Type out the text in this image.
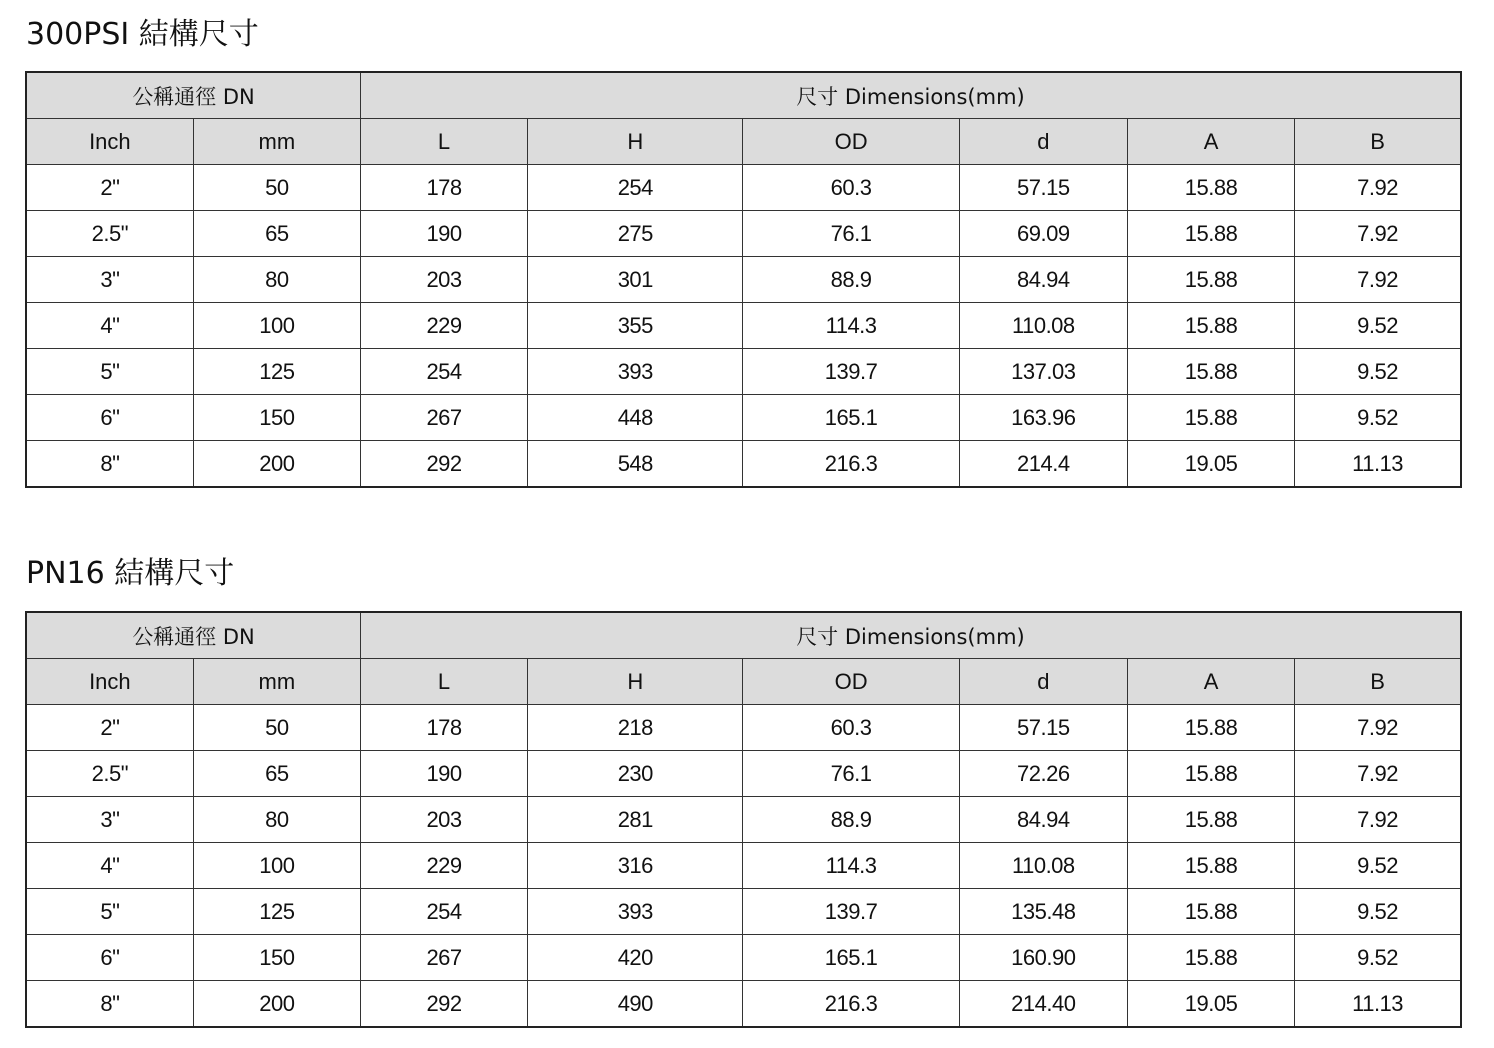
300PSI 結構尺寸
公稱通徑 DN		尺寸 Dimensions(mm)					
Inch	mm	L	H	OD	d	A	B
2"	50	178	254	60.3	57.15	15.88	7.92
2.5"	65	190	275	76.1	69.09	15.88	7.92
3"	80	203	301	88.9	84.94	15.88	7.92
4"	100	229	355	114.3	110.08	15.88	9.52
5"	125	254	393	139.7	137.03	15.88	9.52
6"	150	267	448	165.1	163.96	15.88	9.52
8"	200	292	548	216.3	214.4	19.05	11.13
PN16 結構尺寸
公稱通徑 DN		尺寸 Dimensions(mm)					
Inch	mm	L	H	OD	d	A	B
2"	50	178	218	60.3	57.15	15.88	7.92
2.5"	65	190	230	76.1	72.26	15.88	7.92
3"	80	203	281	88.9	84.94	15.88	7.92
4"	100	229	316	114.3	110.08	15.88	9.52
5"	125	254	393	139.7	135.48	15.88	9.52
6"	150	267	420	165.1	160.90	15.88	9.52
8"	200	292	490	216.3	214.40	19.05	11.13
